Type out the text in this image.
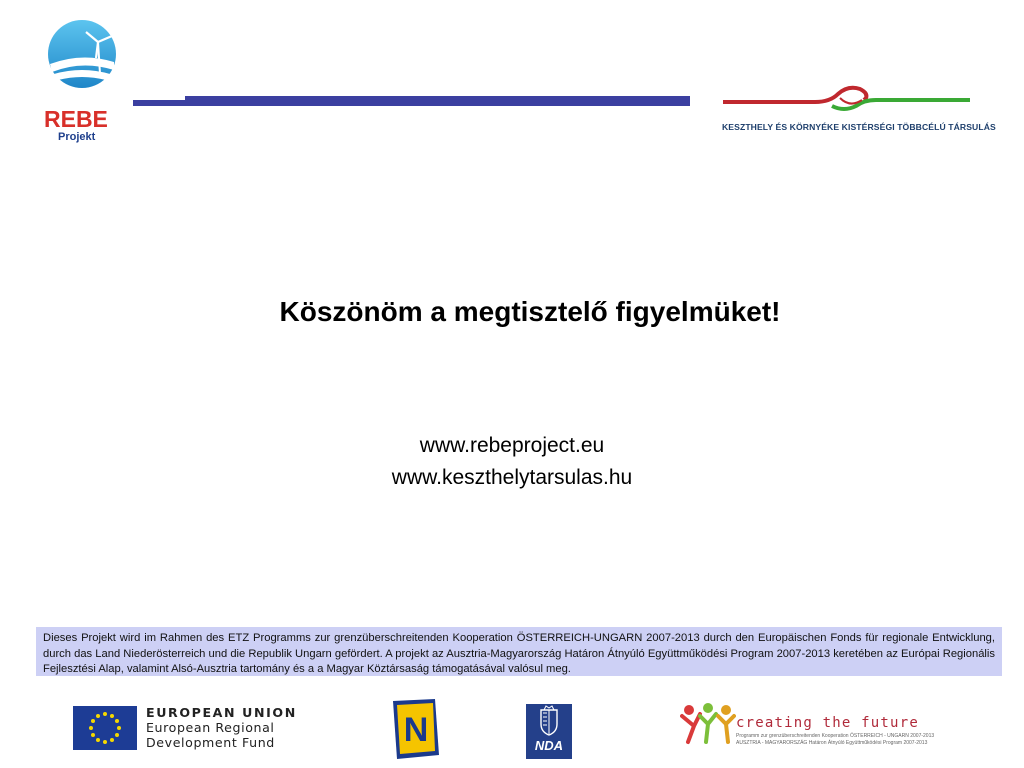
REBE
Projekt
KESZTHELY ÉS KÖRNYÉKE KISTÉRSÉGI TÖBBCÉLÚ TÁRSULÁS
Köszönöm a megtisztelő figyelmüket!
www.rebeproject.eu
www.keszthelytarsulas.hu
Dieses Projekt wird im Rahmen des ETZ Programms zur grenzüberschreitenden Kooperation ÖSTERREICH-UNGARN 2007-2013 durch den Europäischen Fonds für regionale Entwicklung, durch das Land Niederösterreich und die Republik Ungarn gefördert. A projekt az Ausztria-Magyarország Határon Átnyúló Együttműködési Program 2007-2013 keretében az Európai Regionális Fejlesztési Alap, valamint Alsó-Ausztria tartomány és a a Magyar Köztársaság támogatásával valósul meg.
EUROPEAN UNION
European Regional
Development Fund	N	NDA
creating the future
Programm zur grenzüberschreitenden Kooperation ÖSTERREICH - UNGARN 2007-2013
AUSZTRIA - MAGYARORSZÁG Határon Átnyúló Együttműködési Program 2007-2013
